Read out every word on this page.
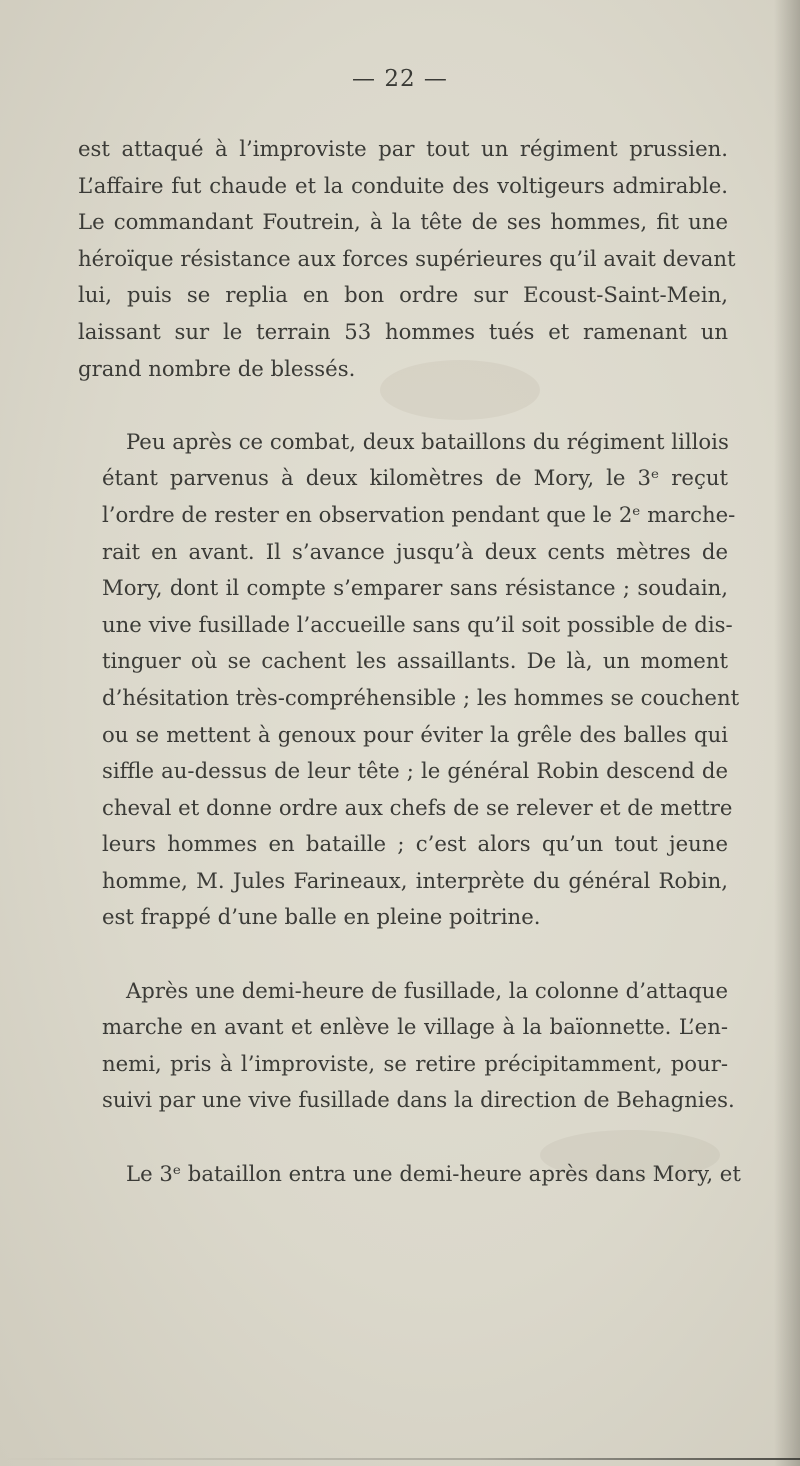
— 22 —
est attaqué à l’improviste par tout un régiment prussien.
L’affaire fut chaude et la conduite des voltigeurs admirable.
Le commandant Foutrein, à la tête de ses hommes, fit une
héroïque résistance aux forces supérieures qu’il avait devant
lui, puis se replia en bon ordre sur Ecoust-Saint-Mein,
laissant sur le terrain 53 hommes tués et ramenant un
grand nombre de blessés.
Peu après ce combat, deux bataillons du régiment lillois
étant parvenus à deux kilomètres de Mory, le 3ᵉ reçut
l’ordre de rester en observation pendant que le 2ᵉ marche-
rait en avant. Il s’avance jusqu’à deux cents mètres de
Mory, dont il compte s’emparer sans résistance ; soudain,
une vive fusillade l’accueille sans qu’il soit possible de dis-
tinguer où se cachent les assaillants. De là, un moment
d’hésitation très-compréhensible ; les hommes se couchent
ou se mettent à genoux pour éviter la grêle des balles qui
siffle au-dessus de leur tête ; le général Robin descend de
cheval et donne ordre aux chefs de se relever et de mettre
leurs hommes en bataille ; c’est alors qu’un tout jeune
homme, M. Jules Farineaux, interprète du général Robin,
est frappé d’une balle en pleine poitrine.
Après une demi-heure de fusillade, la colonne d’attaque
marche en avant et enlève le village à la baïonnette. L’en-
nemi, pris à l’improviste, se retire précipitamment, pour-
suivi par une vive fusillade dans la direction de Behagnies.
Le 3ᵉ bataillon entra une demi-heure après dans Mory, et
